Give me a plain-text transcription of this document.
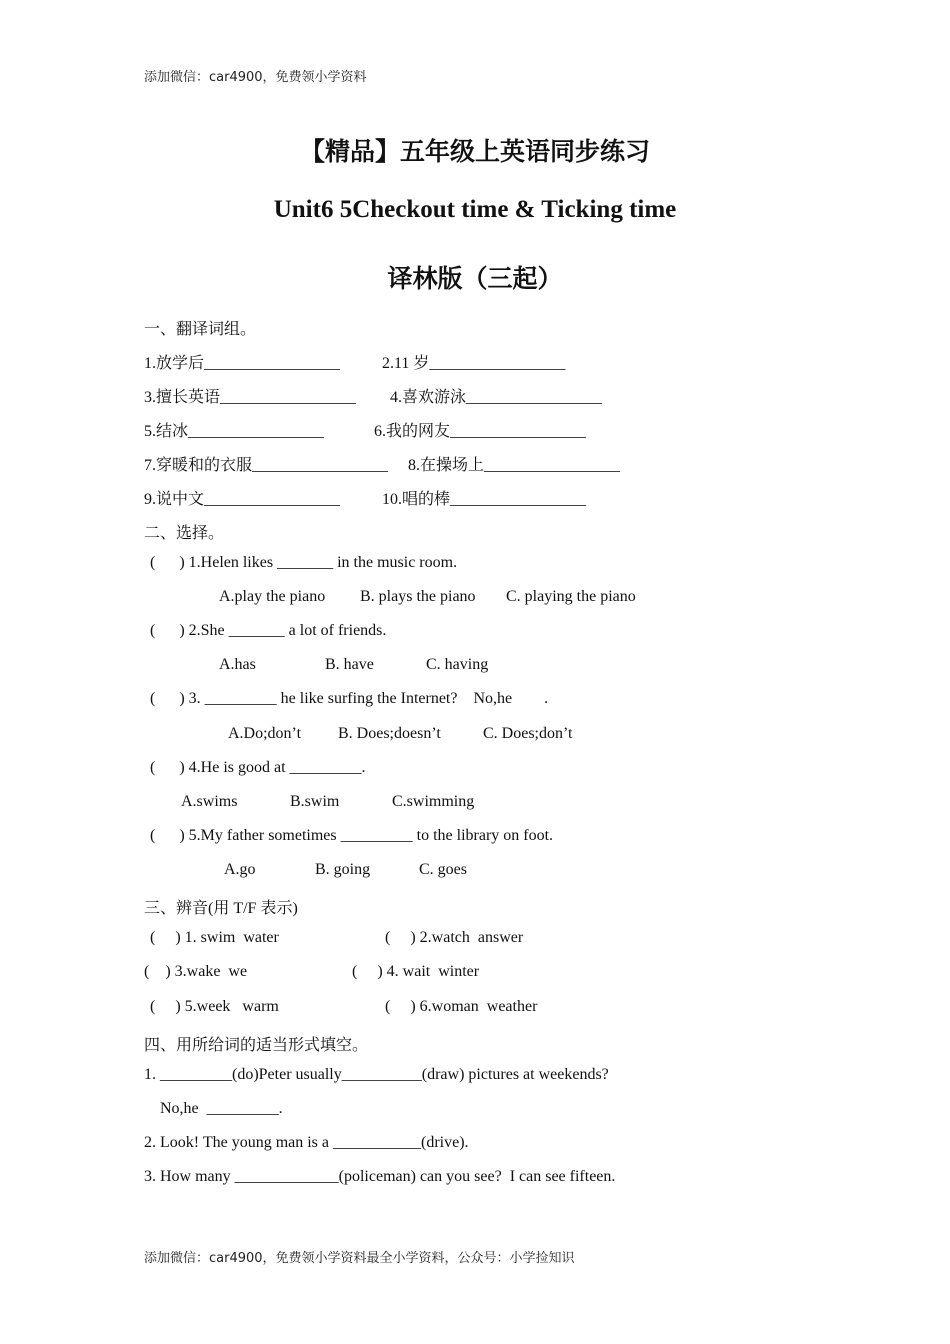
添加微信：car4900，免费领小学资料
【精品】五年级上英语同步练习
Unit6 5Checkout time & Ticking time
译林版（三起）
一、翻译词组。
1.放学后_________________	2.11 岁_________________
3.擅长英语_________________ 4.喜欢游泳_________________
5.结冰_________________	6.我的网友_________________
7.穿暖和的衣服_________________ 8.在操场上_________________
9.说中文_________________	10.唱的棒_________________
二、选择。
(      ) 1.Helen likes _______ in the music room.
A.play the piano B. plays the piano C. playing the piano
(      ) 2.She _______ a lot of friends.
A.has	B. have	C. having
(      ) 3. _________ he like surfing the Internet?    No,he        .
A.Do;don’t B. Does;doesn’t	C. Does;don’t
(      ) 4.He is good at _________.
A.swims	B.swim	C.swimming
(      ) 5.My father sometimes _________ to the library on foot.
A.go	B. going	C. goes
三、辨音(用 T/F 表示)
(     ) 1. swim  water	(     ) 2.watch  answer
(    ) 3.wake  we	(     ) 4. wait  winter
(     ) 5.week   warm	(     ) 6.woman  weather
四、用所给词的适当形式填空。
1. _________(do)Peter usually__________(draw) pictures at weekends?
No,he  _________.
2. Look! The young man is a ___________(drive).
3. How many _____________(policeman) can you see?  I can see fifteen.
添加微信：car4900，免费领小学资料最全小学资料，公众号：小学捡知识
